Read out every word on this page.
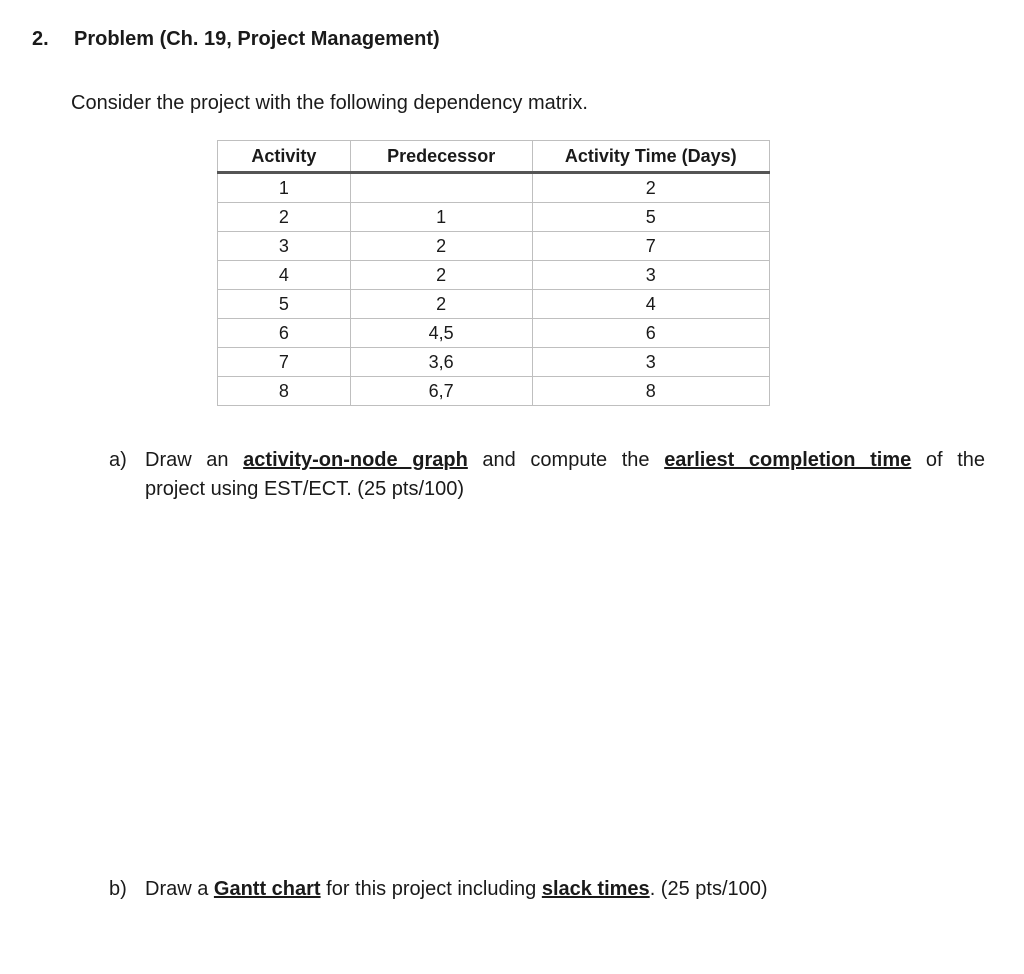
2. Problem (Ch. 19, Project Management)
Consider the project with the following dependency matrix.
Activity	Predecessor	Activity Time (Days)
1		2
2	1	5
3	2	7
4	2	3
5	2	4
6	4,5	6
7	3,6	3
8	6,7	8
a) Draw an activity-on-node graph and compute the earliest completion time of the
project using EST/ECT. (25 pts/100)
b) Draw a Gantt chart for this project including slack times. (25 pts/100)
